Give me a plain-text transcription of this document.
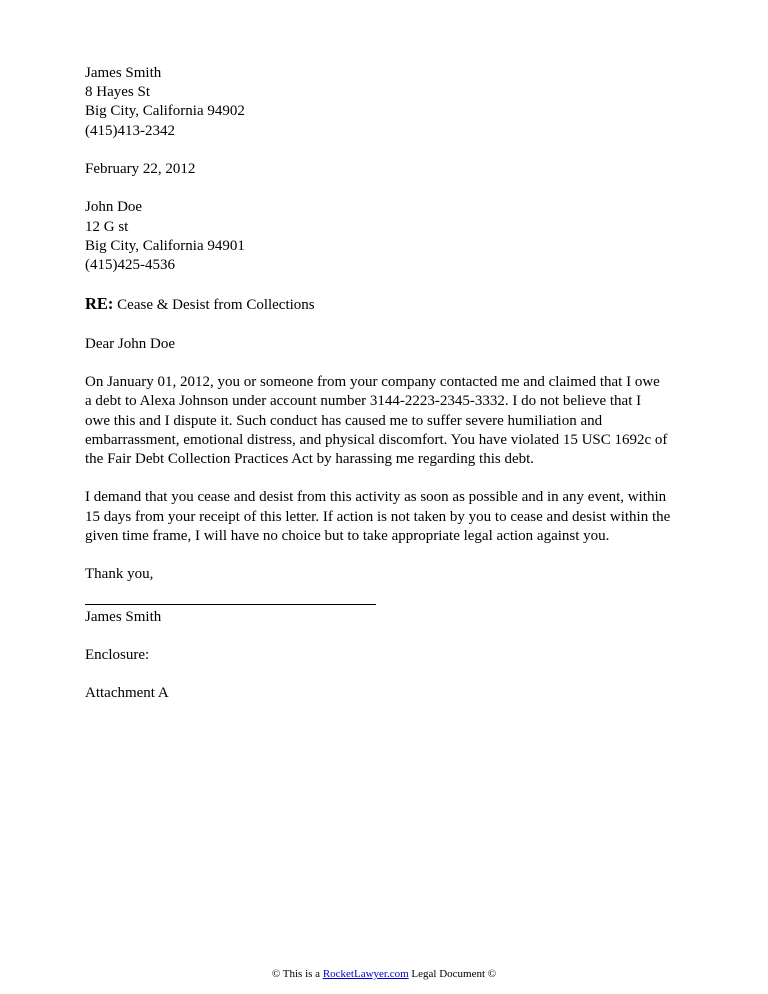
James Smith
8 Hayes St
Big City, California 94902
(415)413-2342
February 22, 2012
John Doe
12 G st
Big City, California 94901
(415)425-4536
RE: Cease & Desist from Collections
Dear John Doe
On January 01, 2012, you or someone from your company contacted me and claimed that I owe
a debt to Alexa Johnson under account number 3144-2223-2345-3332. I do not believe that I
owe this and I dispute it. Such conduct has caused me to suffer severe humiliation and
embarrassment, emotional distress, and physical discomfort. You have violated 15 USC 1692c of
the Fair Debt Collection Practices Act by harassing me regarding this debt.
I demand that you cease and desist from this activity as soon as possible and in any event, within
15 days from your receipt of this letter. If action is not taken by you to cease and desist within the
given time frame, I will have no choice but to take appropriate legal action against you.
Thank you,
James Smith
Enclosure:
Attachment A
© This is a RocketLawyer.com Legal Document ©
